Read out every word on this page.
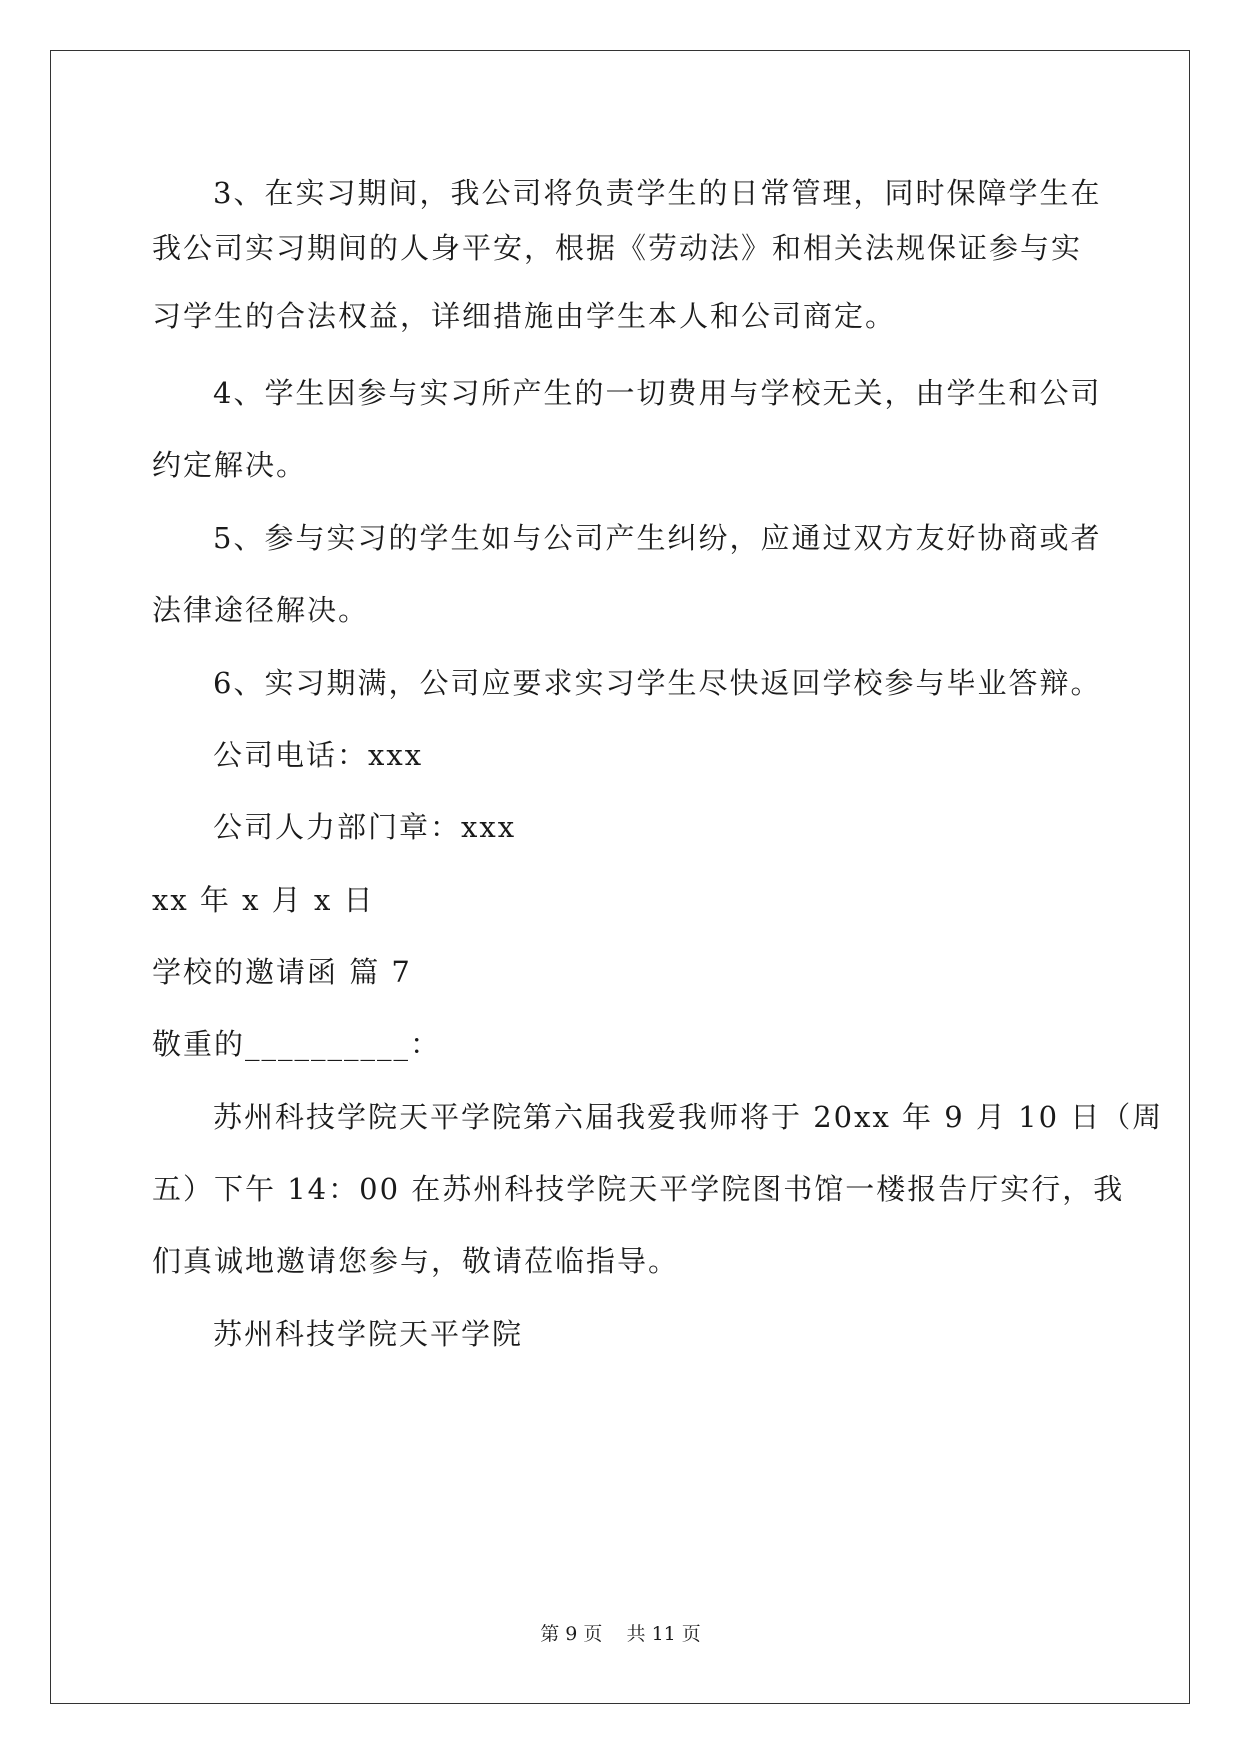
3、在实习期间，我公司将负责学生的日常管理，同时保障学生在
我公司实习期间的人身平安，根据《劳动法》和相关法规保证参与实
习学生的合法权益，详细措施由学生本人和公司商定。
4、学生因参与实习所产生的一切费用与学校无关，由学生和公司
约定解决。
5、参与实习的学生如与公司产生纠纷，应通过双方友好协商或者
法律途径解决。
6、实习期满，公司应要求实习学生尽快返回学校参与毕业答辩。
公司电话：xxx
公司人力部门章：xxx
xx 年 x 月 x 日
学校的邀请函 篇 7
敬重的__________：
苏州科技学院天平学院第六届我爱我师将于 20xx 年 9 月 10 日（周
五）下午 14：00 在苏州科技学院天平学院图书馆一楼报告厅实行，我
们真诚地邀请您参与，敬请莅临指导。
苏州科技学院天平学院
第 9 页    共 11 页
